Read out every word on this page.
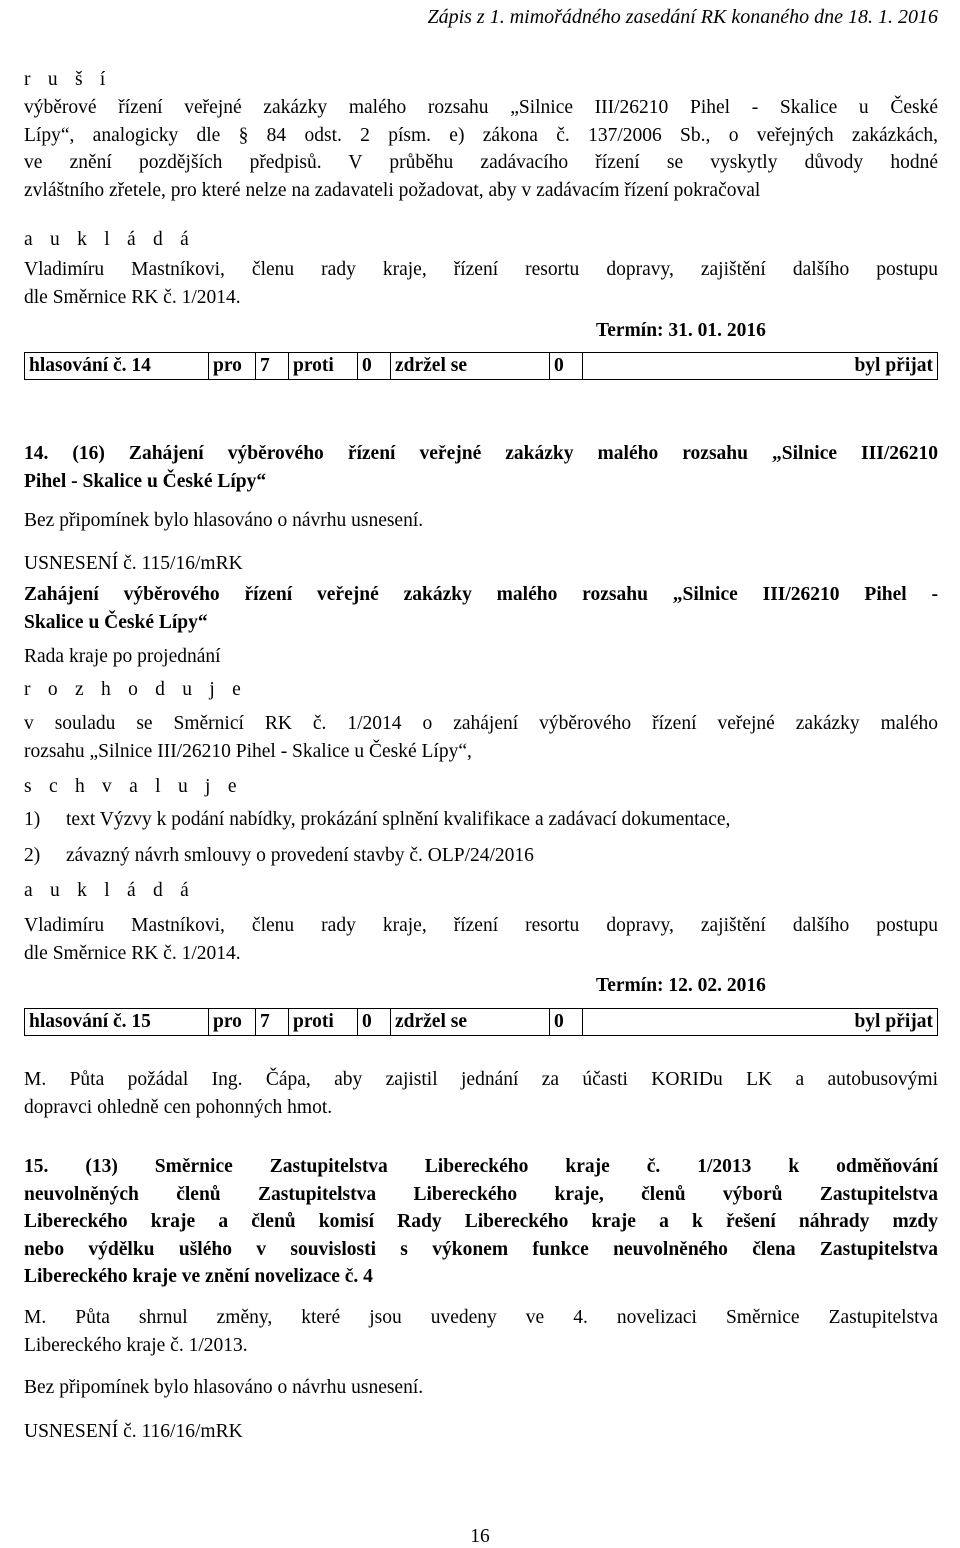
Zápis z 1. mimořádného zasedání RK konaného dne 18. 1. 2016
r u š í
výběrové řízení veřejné zakázky malého rozsahu „Silnice III/26210 Pihel - Skalice u České
Lípy“, analogicky dle § 84 odst. 2 písm. e) zákona č. 137/2006 Sb., o veřejných zakázkách,
ve znění pozdějších předpisů. V průběhu zadávacího řízení se vyskytly důvody hodné
zvláštního zřetele, pro které nelze na zadavateli požadovat, aby v zadávacím řízení pokračoval
a u k l á d á
Vladimíru Mastníkovi, členu rady kraje, řízení resortu dopravy, zajištění dalšího postupu
dle Směrnice RK č. 1/2014.
Termín: 31. 01. 2016
hlasování č. 14	pro	7	proti	0	zdržel se	0	byl přijat
14. (16) Zahájení výběrového řízení veřejné zakázky malého rozsahu „Silnice III/26210
Pihel - Skalice u České Lípy“
Bez připomínek bylo hlasováno o návrhu usnesení.
USNESENÍ č. 115/16/mRK
Zahájení výběrového řízení veřejné zakázky malého rozsahu „Silnice III/26210 Pihel -
Skalice u České Lípy“
Rada kraje po projednání
r o z h o d u j e
v souladu se Směrnicí RK č. 1/2014 o zahájení výběrového řízení veřejné zakázky malého
rozsahu „Silnice III/26210 Pihel - Skalice u České Lípy“,
s c h v a l u j e
1) text Výzvy k podání nabídky, prokázání splnění kvalifikace a zadávací dokumentace,
2) závazný návrh smlouvy o provedení stavby č. OLP/24/2016
a u k l á d á
Vladimíru Mastníkovi, členu rady kraje, řízení resortu dopravy, zajištění dalšího postupu
dle Směrnice RK č. 1/2014.
Termín: 12. 02. 2016
hlasování č. 15	pro	7	proti	0	zdržel se	0	byl přijat
M. Půta požádal Ing. Čápa, aby zajistil jednání za účasti KORIDu LK a autobusovými
dopravci ohledně cen pohonných hmot.
15. (13) Směrnice Zastupitelstva Libereckého kraje č. 1/2013 k odměňování
neuvolněných členů Zastupitelstva Libereckého kraje, členů výborů Zastupitelstva
Libereckého kraje a členů komisí Rady Libereckého kraje a k řešení náhrady mzdy
nebo výdělku ušlého v souvislosti s výkonem funkce neuvolněného člena Zastupitelstva
Libereckého kraje ve znění novelizace č. 4
M. Půta shrnul změny, které jsou uvedeny ve 4. novelizaci Směrnice Zastupitelstva
Libereckého kraje č. 1/2013.
Bez připomínek bylo hlasováno o návrhu usnesení.
USNESENÍ č. 116/16/mRK
16
